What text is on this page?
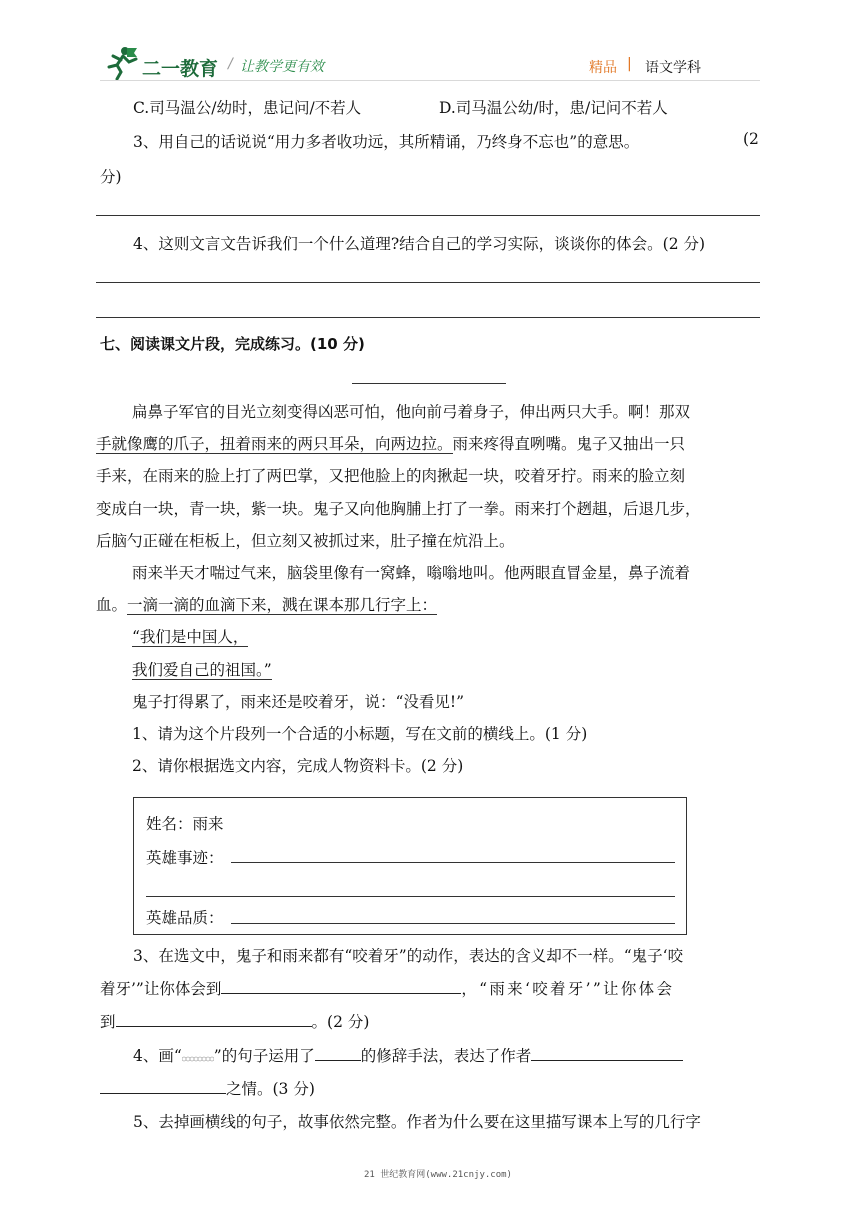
二一教育 / 让教学更有效	精品 | 语文学科
C.司马温公/幼时，患记问/不若人	D.司马温公幼/时，患/记问不若人
3、用自己的话说说“用力多者收功远，其所精诵，乃终身不忘也”的意思。	(2
分)
4、这则文言文告诉我们一个什么道理?结合自己的学习实际，谈谈你的体会。(2 分)
七、阅读课文片段，完成练习。(10 分)
扁鼻子军官的目光立刻变得凶恶可怕，他向前弓着身子，伸出两只大手。啊！那双
手就像鹰的爪子，扭着雨来的两只耳朵，向两边拉。雨来疼得直咧嘴。鬼子又抽出一只
手来，在雨来的脸上打了两巴掌，又把他脸上的肉揪起一块，咬着牙拧。雨来的脸立刻
变成白一块，青一块，紫一块。鬼子又向他胸脯上打了一拳。雨来打个趔趄，后退几步，
后脑勺正碰在柜板上，但立刻又被抓过来，肚子撞在炕沿上。
雨来半天才喘过气来，脑袋里像有一窝蜂，嗡嗡地叫。他两眼直冒金星，鼻子流着
血。一滴一滴的血滴下来，溅在课本那几行字上：
“我们是中国人，
我们爱自己的祖国。”
鬼子打得累了，雨来还是咬着牙，说：“没看见!”
1、请为这个片段列一个合适的小标题，写在文前的横线上。(1 分)
2、请你根据选文内容，完成人物资料卡。(2 分)
姓名：雨来
英雄事迹：
英雄品质：
3、在选文中，鬼子和雨来都有“咬着牙”的动作，表达的含义却不一样。“鬼子‘咬
着牙’”让你体会到	，“雨来‘咬着牙’”让你体会
到	。(2 分)
4、画“ ”的句子运用了	的修辞手法，表达了作者
之情。(3 分)
5、去掉画横线的句子，故事依然完整。作者为什么要在这里描写课本上写的几行字
21 世纪教育网(www.21cnjy.com)
